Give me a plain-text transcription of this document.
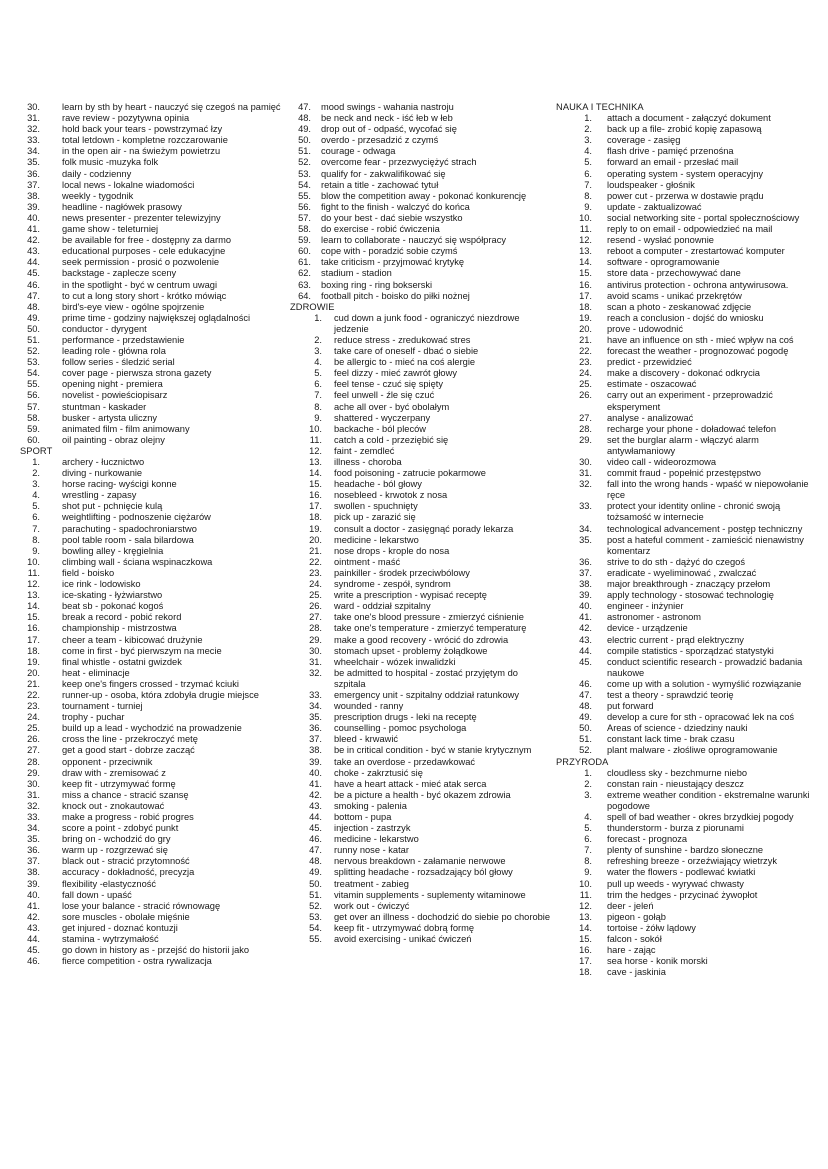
30.	learn by sth by heart - nauczyć się czegoś na pamięć
31.	rave review - pozytywna opinia
32.	hold back your tears - powstrzymać łzy
33.	total letdown - kompletne rozczarowanie
34.	in the open air - na świeżym powietrzu
35.	folk music -muzyka folk
36.	daily - codzienny
37.	local news - lokalne wiadomości
38.	weekly - tygodnik
39.	headline - nagłówek prasowy
40.	news presenter - prezenter telewizyjny
41.	game show - teleturniej
42.	be available for free - dostępny za darmo
43.	educational purposes - cele edukacyjne
44.	seek permission - prosić o pozwolenie
45.	backstage - zaplecze sceny
46.	in the spotlight - być w centrum uwagi
47.	to cut a long story short - krótko mówiąc
48.	bird's-eye view - ogólne spojrzenie
49.	prime time - godziny największej oglądalności
50.	conductor - dyrygent
51.	performance - przedstawienie
52.	leading role - główna rola
53.	follow series - śledzić serial
54.	cover page - pierwsza strona gazety
55.	opening night - premiera
56.	novelist - powieściopisarz
57.	stuntman - kaskader
58.	busker - artysta uliczny
59.	animated film - film animowany
60.	oil painting - obraz olejny
SPORT
1.	archery - łucznictwo
2.	diving - nurkowanie
3.	horse racing- wyścigi konne
4.	wrestling - zapasy
5.	shot put - pchnięcie kulą
6.	weightlifting - podnoszenie ciężarów
7.	parachuting - spadochroniarstwo
8.	pool table room - sala bilardowa
9.	bowling alley - kręgielnia
10.	climbing wall - ściana wspinaczkowa
11.	field - boisko
12.	ice rink - lodowisko
13.	ice-skating - łyżwiarstwo
14.	beat sb - pokonać kogoś
15.	break a record - pobić rekord
16.	championship - mistrzostwa
17.	cheer a team - kibicować drużynie
18.	come in first - być pierwszym na mecie
19.	final whistle - ostatni gwizdek
20.	heat - eliminacje
21.	keep one's fingers crossed - trzymać kciuki
22.	runner-up - osoba, która zdobyła drugie miejsce
23.	tournament - turniej
24.	trophy - puchar
25.	build up a lead - wychodzić na prowadzenie
26.	cross the line - przekroczyć metę
27.	get a good start - dobrze zacząć
28.	opponent - przeciwnik
29.	draw with - zremisować z
30.	keep fit - utrzymywać formę
31.	miss a chance - stracić szansę
32.	knock out - znokautować
33.	make a progress - robić progres
34.	score a point - zdobyć punkt
35.	bring on - wchodzić do gry
36.	warm up - rozgrzewać się
37.	black out - stracić przytomność
38.	accuracy - dokładność, precyzja
39.	flexibility -elastyczność
40.	fall down - upaść
41.	lose your balance - stracić równowagę
42.	sore muscles - obolałe mięśnie
43.	get injured - doznać kontuzji
44.	stamina - wytrzymałość
45.	go down in history as - przejść do historii jako
46.	fierce competition - ostra rywalizacja
47.	mood swings - wahania nastroju
48.	be neck and neck - iść łeb w łeb
49.	drop out of - odpaść, wycofać się
50.	overdo - przesadzić z czymś
51.	courage - odwaga
52.	overcome fear - przezwyciężyć strach
53.	qualify for - zakwalifikować się
54.	retain a title - zachować tytuł
55.	blow the competition away - pokonać konkurencję
56.	fight to the finish - walczyć do końca
57.	do your best - dać siebie wszystko
58.	do exercise - robić ćwiczenia
59.	learn to collaborate - nauczyć się współpracy
60.	cope with - poradzić sobie czymś
61.	take criticism - przyjmować krytykę
62.	stadium - stadion
63.	boxing ring - ring bokserski
64.	football pitch - boisko do piłki nożnej
ZDROWIE
1.	cud down a junk food - ograniczyć niezdrowe jedzenie
2.	reduce stress - zredukować stres
3.	take care of oneself - dbać o siebie
4.	be allergic to - mieć na coś alergie
5.	feel dizzy - mieć zawrót głowy
6.	feel tense - czuć się spięty
7.	feel unwell - źle się czuć
8.	ache all over - być obolałym
9.	shattered - wyczerpany
10.	backache - ból pleców
11.	catch a cold - przeziębić się
12.	faint - zemdleć
13.	illness - choroba
14.	food poisoning - zatrucie pokarmowe
15.	headache - ból głowy
16.	nosebleed - krwotok z nosa
17.	swollen - spuchnięty
18.	pick up - zarazić się
19.	consult a doctor - zasięgnąć porady lekarza
20.	medicine - lekarstwo
21.	nose drops - krople do nosa
22.	ointment - maść
23.	painkiller - środek przeciwbólowy
24.	syndrome - zespół, syndrom
25.	write a prescription - wypisać receptę
26.	ward - oddział szpitalny
27.	take one's blood pressure - zmierzyć ciśnienie
28.	take one's temperature - zmierzyć temperaturę
29.	make a good recovery - wrócić do zdrowia
30.	stomach upset - problemy żołądkowe
31.	wheelchair - wózek inwalidzki
32.	be admitted to hospital - zostać przyjętym do szpitala
33.	emergency unit - szpitalny oddział ratunkowy
34.	wounded - ranny
35.	prescription drugs - leki na receptę
36.	counselling - pomoc psychologa
37.	bleed - krwawić
38.	be in critical condition - być w stanie krytycznym
39.	take an overdose - przedawkować
40.	choke - zakrztusić się
41.	have a heart attack - mieć atak serca
42.	be a picture a health - być okazem zdrowia
43.	smoking - palenia
44.	bottom - pupa
45.	injection - zastrzyk
46.	medicine - lekarstwo
47.	runny nose - katar
48.	nervous breakdown - załamanie nerwowe
49.	splitting headache - rozsadzający ból głowy
50.	treatment - zabieg
51.	vitamin supplements - suplementy witaminowe
52.	work out - ćwiczyć
53.	get over an illness - dochodzić do siebie po chorobie
54.	keep fit - utrzymywać dobrą formę
55.	avoid exercising - unikać ćwiczeń
NAUKA I TECHNIKA
1.	attach a document - załączyć dokument
2.	back up a file- zrobić kopię zapasową
3.	coverage - zasięg
4.	flash drive - pamięć przenośna
5.	forward an email - przesłać mail
6.	operating system - system operacyjny
7.	loudspeaker - głośnik
8.	power cut - przerwa w dostawie prądu
9.	update - zaktualizować
10.	social networking site - portal społecznościowy
11.	reply to on email - odpowiedzieć na mail
12.	resend - wysłać ponownie
13.	reboot a computer - zrestartować komputer
14.	software - oprogramowanie
15.	store data - przechowywać dane
16.	antivirus protection - ochrona antywirusowa.
17.	avoid scams - unikać przekrętów
18.	scan a photo - zeskanować zdjęcie
19.	reach a conclusion - dojść do wniosku
20.	prove - udowodnić
21.	have an influence on sth - mieć wpływ na coś
22.	forecast the weather - prognozować pogodę
23.	predict - przewidzieć
24.	make a discovery - dokonać odkrycia
25.	estimate - oszacować
26.	carry out an experiment - przeprowadzić eksperyment
27.	analyse - analizować
28.	recharge your phone - doładować telefon
29.	set the burglar alarm - włączyć alarm antywłamaniowy
30.	video call - wideorozmowa
31.	commit fraud - popełnić przestępstwo
32.	fall into the wrong hands - wpaść w niepowołanie ręce
33.	protect your identity online - chronić swoją tożsamość w internecie
34.	technological advancement - postęp techniczny
35.	post a hateful comment - zamieścić nienawistny komentarz
36.	strive to do sth - dążyć do czegoś
37.	eradicate - wyeliminować , zwalczać
38.	major breakthrough - znaczący przełom
39.	apply technology - stosować technologię
40.	engineer - inżynier
41.	astronomer - astronom
42.	device - urządzenie
43.	electric current - prąd elektryczny
44.	compile statistics - sporządzać statystyki
45.	conduct scientific research - prowadzić badania naukowe
46.	come up with a solution - wymyślić rozwiązanie
47.	test a theory - sprawdzić teorię
48.	put forward
49.	develop a cure for sth - opracować lek na coś
50.	Areas of science - dziedziny nauki
51.	constant lack time - brak czasu
52.	plant malware - złośliwe oprogramowanie
PRZYRODA
1.	cloudless sky - bezchmurne niebo
2.	constan rain - nieustający deszcz
3.	extreme weather condition - ekstremalne warunki pogodowe
4.	spell of bad weather - okres brzydkiej pogody
5.	thunderstorm - burza z piorunami
6.	forecast - prognoza
7.	plenty of sunshine - bardzo słoneczne
8.	refreshing breeze - orzeźwiający wietrzyk
9.	water the flowers - podlewać kwiatki
10.	pull up weeds - wyrywać chwasty
11.	trim the hedges - przycinać żywopłot
12.	deer - jeleń
13.	pigeon - gołąb
14.	tortoise - żółw lądowy
15.	falcon - sokół
16.	hare - zając
17.	sea horse - konik morski
18.	cave - jaskinia
